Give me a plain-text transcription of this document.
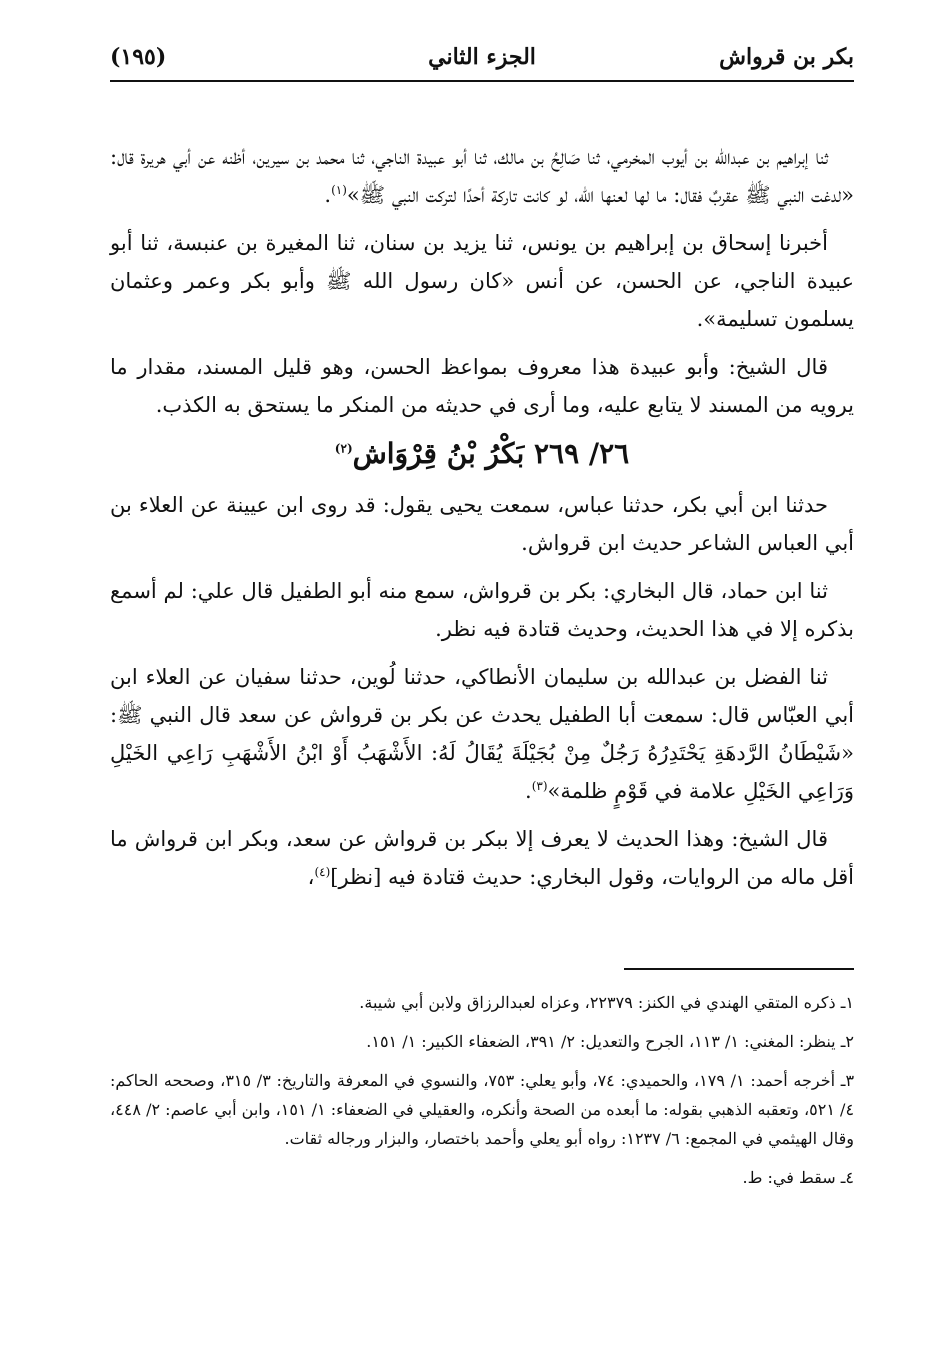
بكر بن قرواش
الجزء الثاني
(١٩٥)

ثنا إبراهيم بن عبدالله بن أيوب المخرمي، ثنا صَالِحُ بن مالك، ثنا أبو عبيدة الناجي، ثنا محمد بن سيرين، أظنه عن أبي هريرة قال: «لدغت النبي ﷺ عقربٌ فقال: ما لها لعنها الله، لو كانت تاركة أحدًا لتركت النبي ﷺ»$^{(١)}$.

أخبرنا إسحاق بن إبراهيم بن يونس، ثنا يزيد بن سنان، ثنا المغيرة بن عنبسة، ثنا أبو عبيدة الناجي، عن الحسن، عن أنس «كان رسول الله ﷺ وأبو بكر وعمر وعثمان يسلمون تسليمة».

قال الشيخ: وأبو عبيدة هذا معروف بمواعظ الحسن، وهو قليل المسند، مقدار ما يرويه من المسند لا يتابع عليه، وما أرى في حديثه من المنكر ما يستحق به الكذب.

٢٦/ ٢٦٩ بَكْرُ بْنُ قِرْوَاش$^{(٢)}$

حدثنا ابن أبي بكر، حدثنا عباس، سمعت يحيى يقول: قد روى ابن عيينة عن العلاء بن أبي العباس الشاعر حديث ابن قرواش.

ثنا ابن حماد، قال البخاري: بكر بن قرواش، سمع منه أبو الطفيل قال علي: لم أسمع بذكره إلا في هذا الحديث، وحديث قتادة فيه نظر.

ثنا الفضل بن عبدالله بن سليمان الأنطاكي، حدثنا لُوين، حدثنا سفيان عن العلاء ابن أبي العبّاس قال: سمعت أبا الطفيل يحدث عن بكر بن قرواش عن سعد قال النبي ﷺ: «شَيْطَانُ الرَّدهَةِ يَحْتَدِرُهُ رَجُلٌ مِنْ بُجَيْلَةَ يُقَالُ لَهُ: الأَشْهَبُ أَوْ ابْنُ الأَشْهَبِ رَاعِي الخَيْلِ وَرَاعِي الخَيْلِ علامة في قَوْمٍ ظلمة»$^{(٣)}$.

قال الشيخ: وهذا الحديث لا يعرف إلا ببكر بن قرواش عن سعد، وبكر ابن قرواش ما أقل ماله من الروايات، وقول البخاري: حديث قتادة فيه [نظر]$^{(٤)}$،

١ـ ذكره المتقي الهندي في الكنز: ٢٢٣٧٩، وعزاه لعبدالرزاق ولابن أبي شيبة.

٢ـ ينظر: المغني: ١/ ١١٣، الجرح والتعديل: ٢/ ٣٩١، الضعفاء الكبير: ١/ ١٥١.

٣ـ أخرجه أحمد: ١/ ١٧٩، والحميدي: ٧٤، وأبو يعلي: ٧٥٣، والنسوي في المعرفة والتاريخ: ٣/ ٣١٥، وصححه الحاكم: ٤/ ٥٢١، وتعقبه الذهبي بقوله: ما أبعده من الصحة وأنكره، والعقيلي في الضعفاء: ١/ ١٥١، وابن أبي عاصم: ٢/ ٤٤٨، وقال الهيثمي في المجمع: ٦/ ١٢٣٧: رواه أبو يعلي وأحمد باختصار، والبزار ورجاله ثقات.

٤ـ سقط في: ط.
